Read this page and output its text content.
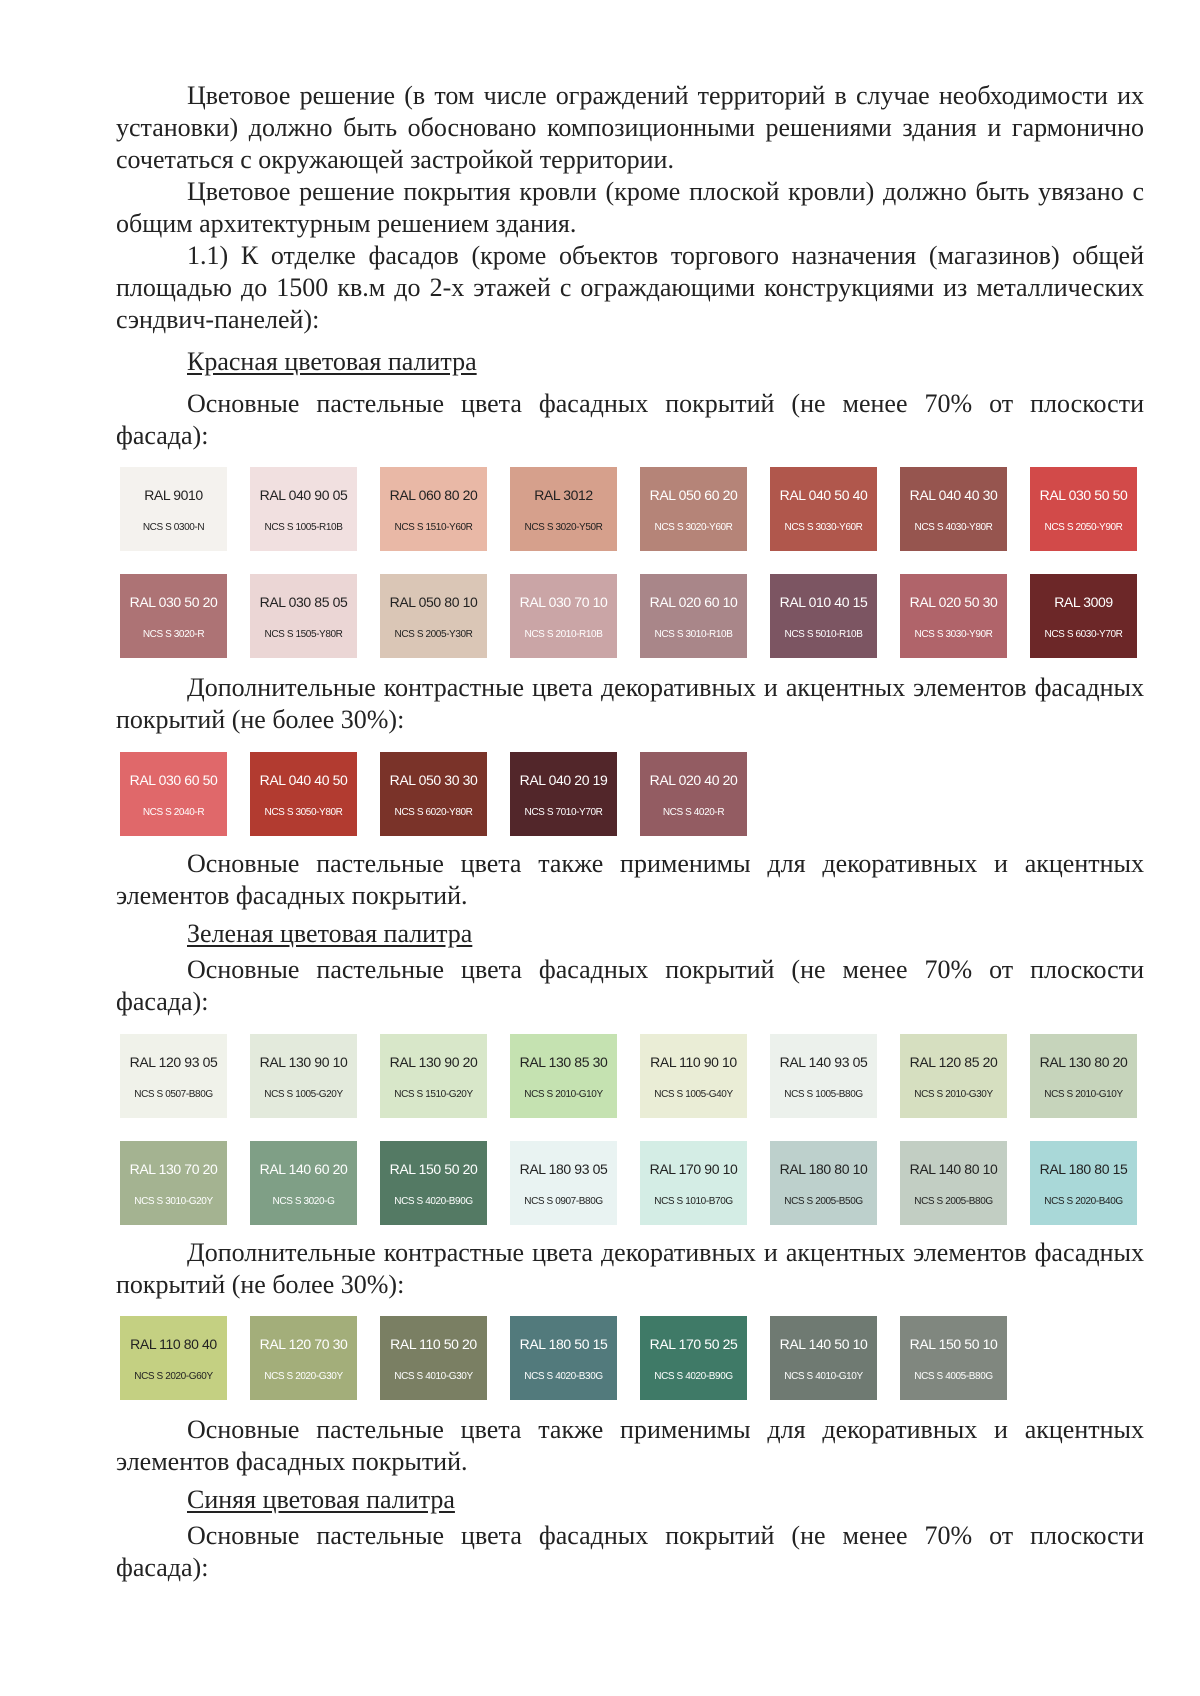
Цветовое решение (в том числе ограждений территорий в случае необходимости их установки) должно быть обосновано композиционными решениями здания и гармонично сочетаться с окружающей застройкой территории.

Цветовое решение покрытия кровли (кроме плоской кровли) должно быть увязано с общим архитектурным решением здания.

1.1) К отделке фасадов (кроме объектов торгового назначения (магазинов) общей площадью до 1500 кв.м до 2-х этажей с ограждающими конструкциями из металлических сэндвич-панелей):

Красная цветовая палитра

Основные пастельные цвета фасадных покрытий (не менее 70% от плоскости фасада):

RAL 9010
NCS S 0300-N
RAL 040 90 05
NCS S 1005-R10B
RAL 060 80 20
NCS S 1510-Y60R
RAL 3012
NCS S 3020-Y50R
RAL 050 60 20
NCS S 3020-Y60R
RAL 040 50 40
NCS S 3030-Y60R
RAL 040 40 30
NCS S 4030-Y80R
RAL 030 50 50
NCS S 2050-Y90R
RAL 030 50 20
NCS S 3020-R
RAL 030 85 05
NCS S 1505-Y80R
RAL 050 80 10
NCS S 2005-Y30R
RAL 030 70 10
NCS S 2010-R10B
RAL 020 60 10
NCS S 3010-R10B
RAL 010 40 15
NCS S 5010-R10B
RAL 020 50 30
NCS S 3030-Y90R
RAL 3009
NCS S 6030-Y70R

Дополнительные контрастные цвета декоративных и акцентных элементов фасадных покрытий (не более 30%):

RAL 030 60 50
NCS S 2040-R
RAL 040 40 50
NCS S 3050-Y80R
RAL 050 30 30
NCS S 6020-Y80R
RAL 040 20 19
NCS S 7010-Y70R
RAL 020 40 20
NCS S 4020-R

Основные пастельные цвета также применимы для декоративных и акцентных элементов фасадных покрытий.

Зеленая цветовая палитра

Основные пастельные цвета фасадных покрытий (не менее 70% от плоскости фасада):

RAL 120 93 05
NCS S 0507-B80G
RAL 130 90 10
NCS S 1005-G20Y
RAL 130 90 20
NCS S 1510-G20Y
RAL 130 85 30
NCS S 2010-G10Y
RAL 110 90 10
NCS S 1005-G40Y
RAL 140 93 05
NCS S 1005-B80G
RAL 120 85 20
NCS S 2010-G30Y
RAL 130 80 20
NCS S 2010-G10Y
RAL 130 70 20
NCS S 3010-G20Y
RAL 140 60 20
NCS S 3020-G
RAL 150 50 20
NCS S 4020-B90G
RAL 180 93 05
NCS S 0907-B80G
RAL 170 90 10
NCS S 1010-B70G
RAL 180 80 10
NCS S 2005-B50G
RAL 140 80 10
NCS S 2005-B80G
RAL 180 80 15
NCS S 2020-B40G

Дополнительные контрастные цвета декоративных и акцентных элементов фасадных покрытий (не более 30%):

RAL 110 80 40
NCS S 2020-G60Y
RAL 120 70 30
NCS S 2020-G30Y
RAL 110 50 20
NCS S 4010-G30Y
RAL 180 50 15
NCS S 4020-B30G
RAL 170 50 25
NCS S 4020-B90G
RAL 140 50 10
NCS S 4010-G10Y
RAL 150 50 10
NCS S 4005-B80G

Основные пастельные цвета также применимы для декоративных и акцентных элементов фасадных покрытий.

Синяя цветовая палитра

Основные пастельные цвета фасадных покрытий (не менее 70% от плоскости фасада):
